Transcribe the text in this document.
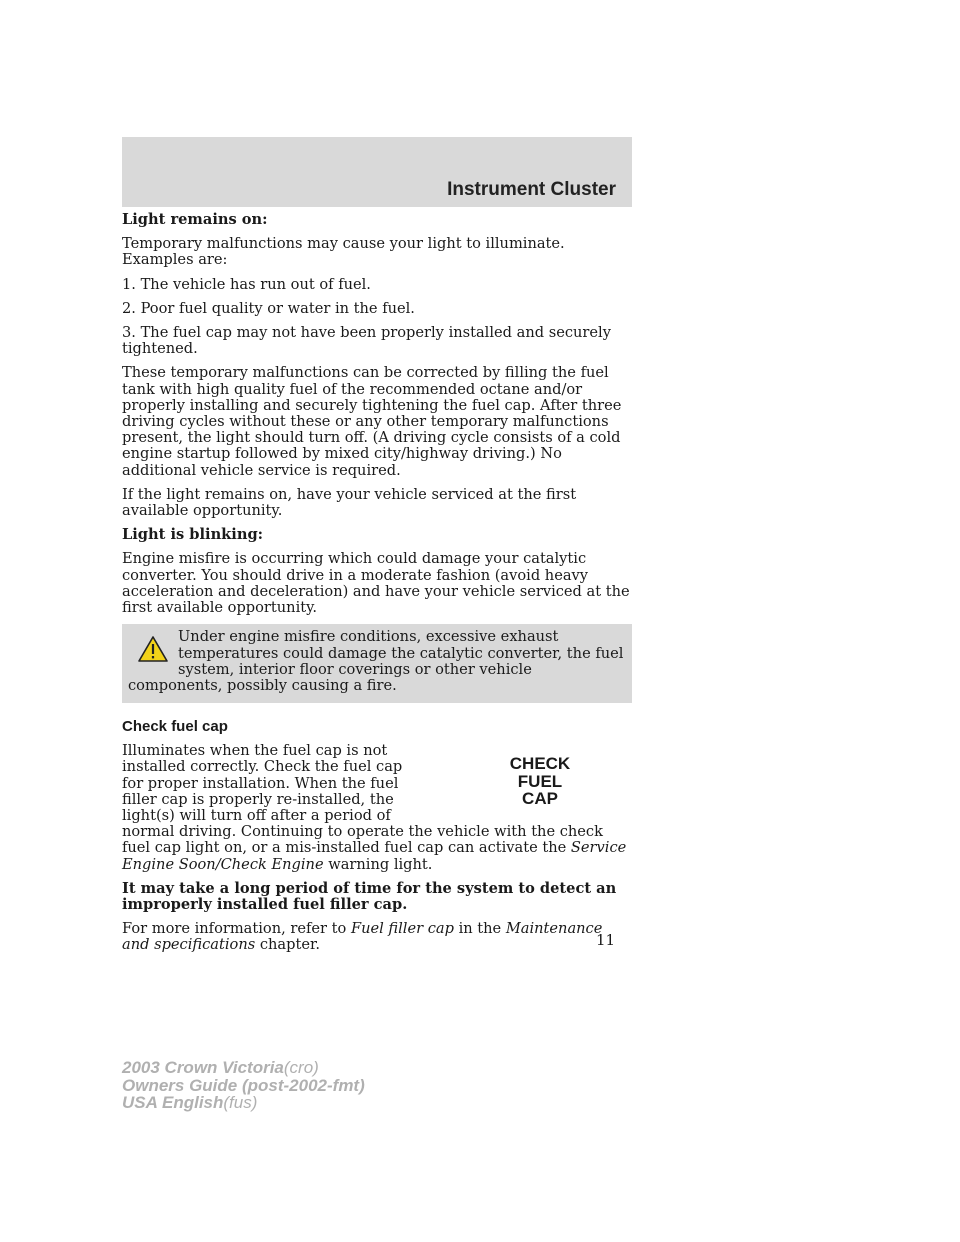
Instrument Cluster

Light remains on:

Temporary malfunctions may cause your light to illuminate. Examples are:

1. The vehicle has run out of fuel.

2. Poor fuel quality or water in the fuel.

3. The fuel cap may not have been properly installed and securely tightened.

These temporary malfunctions can be corrected by filling the fuel tank with high quality fuel of the recommended octane and/or properly installing and securely tightening the fuel cap. After three driving cycles without these or any other temporary malfunctions present, the light should turn off. (A driving cycle consists of a cold engine startup followed by mixed city/highway driving.) No additional vehicle service is required.

If the light remains on, have your vehicle serviced at the first available opportunity.

Light is blinking:

Engine misfire is occurring which could damage your catalytic converter. You should drive in a moderate fashion (avoid heavy acceleration and deceleration) and have your vehicle serviced at the first available opportunity.

Under engine misfire conditions, excessive exhaust temperatures could damage the catalytic converter, the fuel system, interior floor coverings or other vehicle components, possibly causing a fire.
Check fuel cap
CHECK
FUEL
CAP

Illuminates when the fuel cap is not installed correctly. Check the fuel cap for proper installation. When the fuel filler cap is properly re-installed, the light(s) will turn off after a period of normal driving. Continuing to operate the vehicle with the check fuel cap light on, or a mis-installed fuel cap can activate the Service Engine Soon/Check Engine warning light.

It may take a long period of time for the system to detect an improperly installed fuel filler cap.

For more information, refer to Fuel filler cap in the Maintenance and specifications chapter.	11
2003 Crown Victoria(cro)
Owners Guide (post-2002-fmt)
USA English(fus)
